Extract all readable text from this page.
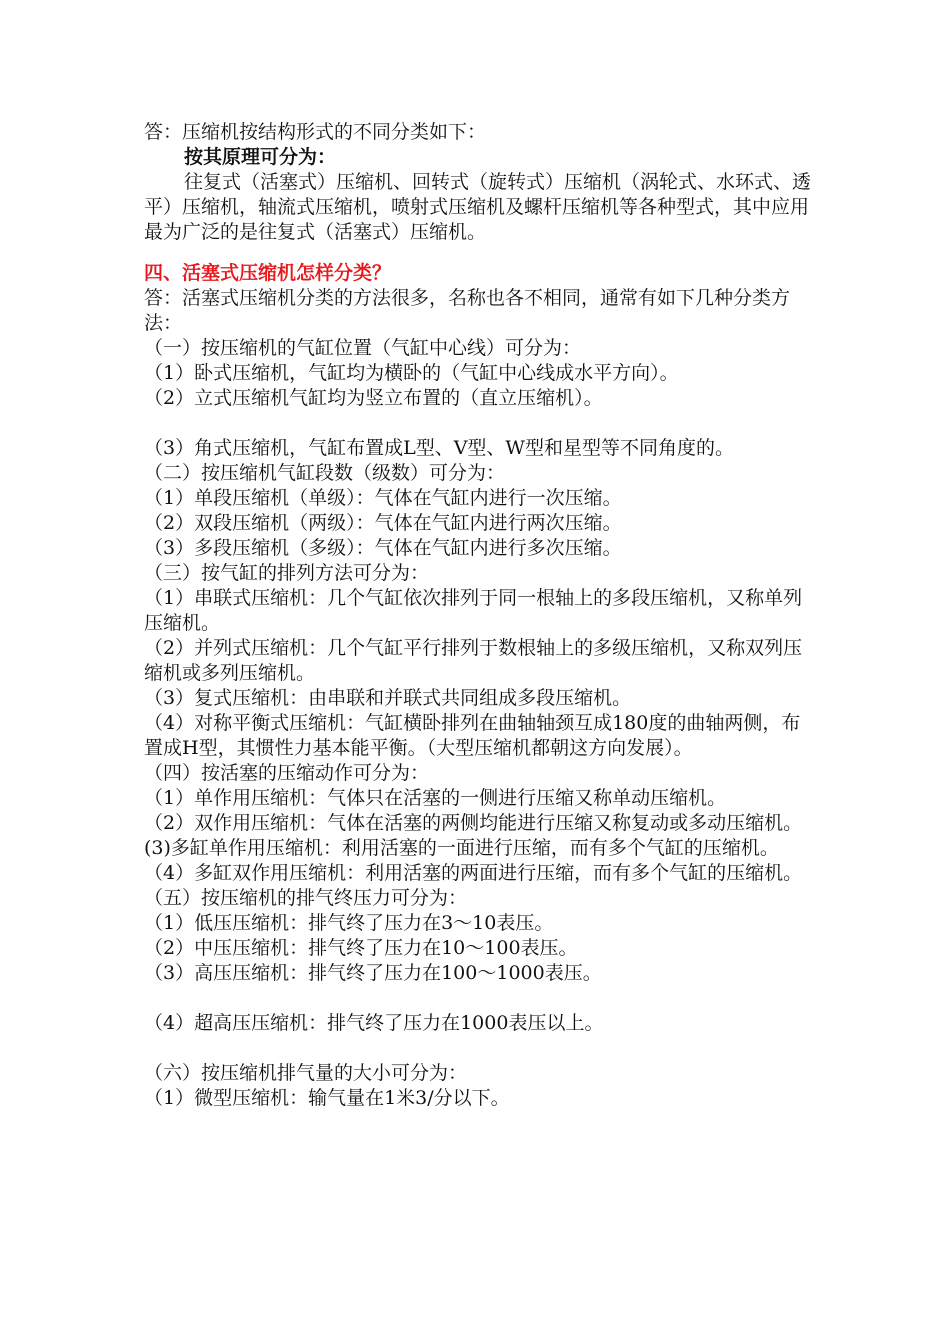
答：压缩机按结构形式的不同分类如下：

按其原理可分为：

往复式（活塞式）压缩机、回转式（旋转式）压缩机（涡轮式、水环式、透平）压缩机，轴流式压缩机，喷射式压缩机及螺杆压缩机等各种型式，其中应用最为广泛的是往复式（活塞式）压缩机。

四、活塞式压缩机怎样分类？

答：活塞式压缩机分类的方法很多，名称也各不相同，通常有如下几种分类方法：

（一）按压缩机的气缸位置（气缸中心线）可分为：

（1）卧式压缩机，气缸均为横卧的（气缸中心线成水平方向）。

（2）立式压缩机气缸均为竖立布置的（直立压缩机）。

（3）角式压缩机，气缸布置成L型、V型、W型和星型等不同角度的。

（二）按压缩机气缸段数（级数）可分为：

（1）单段压缩机（单级）：气体在气缸内进行一次压缩。

（2）双段压缩机（两级）：气体在气缸内进行两次压缩。

（3）多段压缩机（多级）：气体在气缸内进行多次压缩。

（三）按气缸的排列方法可分为：

（1）串联式压缩机：几个气缸依次排列于同一根轴上的多段压缩机，又称单列压缩机。

（2）并列式压缩机：几个气缸平行排列于数根轴上的多级压缩机，又称双列压缩机或多列压缩机。

（3）复式压缩机：由串联和并联式共同组成多段压缩机。

（4）对称平衡式压缩机：气缸横卧排列在曲轴轴颈互成180度的曲轴两侧，布置成H型，其惯性力基本能平衡。（大型压缩机都朝这方向发展）。

（四）按活塞的压缩动作可分为：

（1）单作用压缩机：气体只在活塞的一侧进行压缩又称单动压缩机。

（2）双作用压缩机：气体在活塞的两侧均能进行压缩又称复动或多动压缩机。

(3)多缸单作用压缩机：利用活塞的一面进行压缩，而有多个气缸的压缩机。

（4）多缸双作用压缩机：利用活塞的两面进行压缩，而有多个气缸的压缩机。

（五）按压缩机的排气终压力可分为：

（1）低压压缩机：排气终了压力在3～10表压。

（2）中压压缩机：排气终了压力在10～100表压。

（3）高压压缩机：排气终了压力在100～1000表压。

（4）超高压压缩机：排气终了压力在1000表压以上。

（六）按压缩机排气量的大小可分为：

（1）微型压缩机：输气量在1米3/分以下。
